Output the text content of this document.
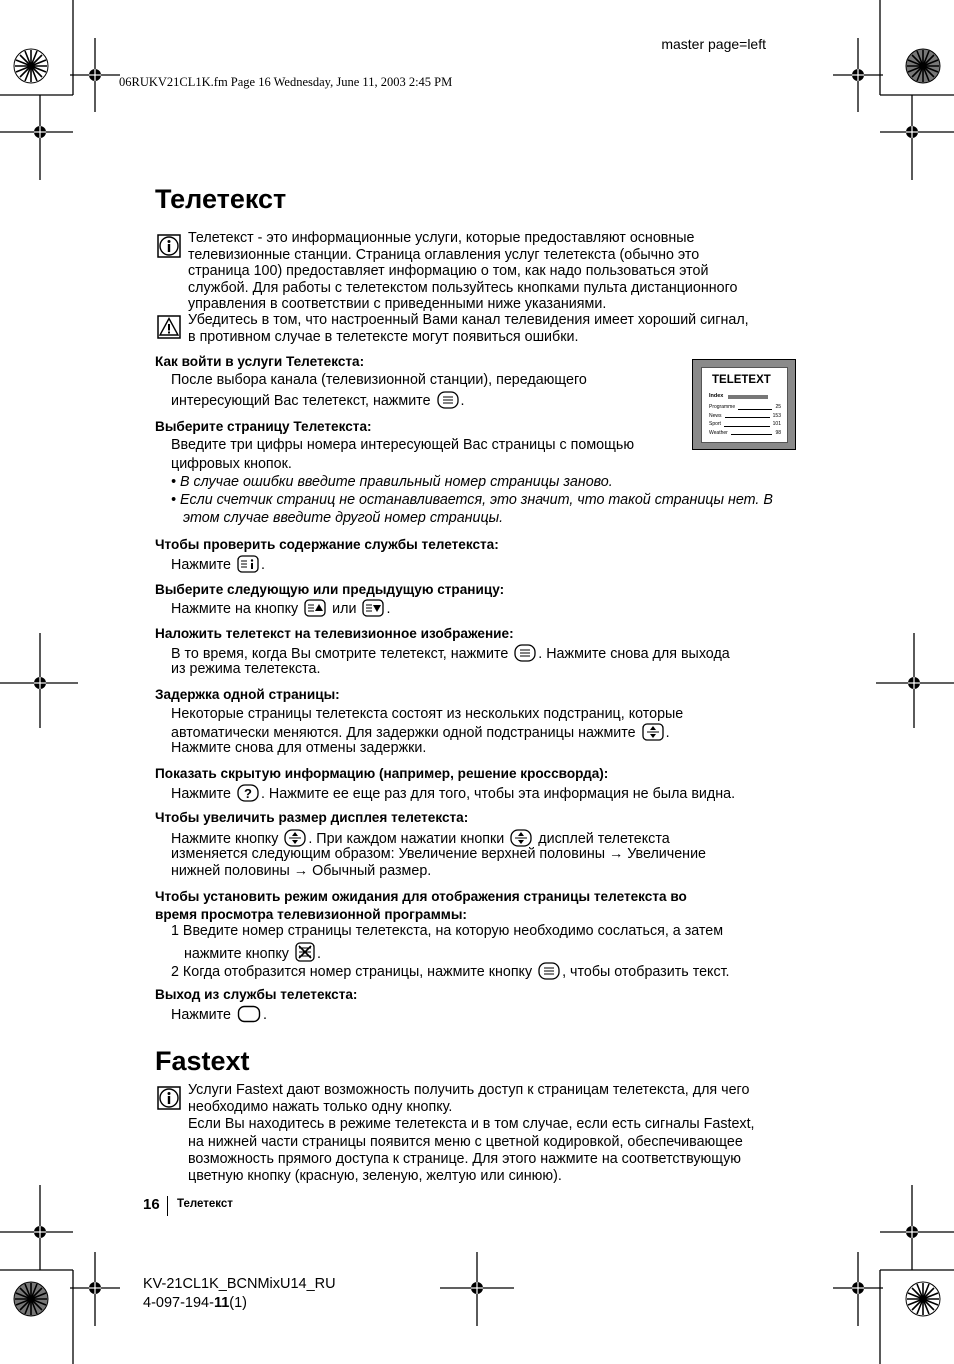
master page=left
06RUKV21CL1K.fm Page 16 Wednesday, June 11, 2003 2:45 PM
Телетекст
Телетекст - это информационные услуги, которые предоставляют основные
телевизионные станции. Страница оглавления услуг телетекста (обычно это
страница 100) предоставляет информацию о том, как надо пользоваться этой
службой. Для работы с телетекстом пользуйтесь кнопками пульта дистанционного
управления в соответствии с приведенными ниже указаниями.
Убедитесь в том, что настроенный Вами канал телевидения имеет хороший сигнал,
в противном случае в телетексте могут появиться ошибки.
TELETEXT
Index
Programme	25
News	153
Sport	101
Weather	98
Как войти в услуги Телетекста:
После выбора канала (телевизионной станции), передающего
интересующий Вас телетекст, нажмите .
Выберите страницу Телетекста:
Введите три цифры номера интересующей Вас страницы с помощью
цифровых кнопок.
• В случае ошибки введите правильный номер страницы заново.
• Если счетчик страниц не останавливается, это значит, что такой страницы нет. В
этом случае введите другой номер страницы.
Чтобы проверить содержание службы телетекста:
Нажмите .
Выберите следующую или предыдущую страницу:
Нажмите на кнопку или .
Наложить телетекст на телевизионное изображение:
В то время, когда Вы смотрите телетекст, нажмите . Нажмите снова для выхода
из режима телетекста.
Задержка одной страницы:
Некоторые страницы телетекста состоят из нескольких подстраниц, которые
автоматически меняются. Для задержки одной подстраницы нажмите .
Нажмите снова для отмены задержки.
Показать скрытую информацию (например, решение кроссворда):
Нажмите ? . Нажмите ее еще раз для того, чтобы эта информация не была видна.
Чтобы увеличить размер дисплея телетекста:
Нажмите кнопку . При каждом нажатии кнопки дисплей телетекста
изменяется следующим образом: Увеличение верхней половины → Увеличение
нижней половины → Обычный размер.
Чтобы установить режим ожидания для отображения страницы телетекста во
время просмотра телевизионной программы:
1 Введите номер страницы телетекста, на которую необходимо сослаться, а затем
нажмите кнопку .
2 Когда отобразится номер страницы, нажмите кнопку , чтобы отобразить текст.
Выход из службы телетекста:
Нажмите .
Fastext
Услуги Fastext дают возможность получить доступ к страницам телетекста, для чего
необходимо нажать только одну кнопку.
Если Вы находитесь в режиме телетекста и в том случае, если есть сигналы Fastext,
на нижней части страницы появится меню с цветной кодировкой, обеспечивающее
возможность прямого доступа к странице. Для этого нажмите на соответствующую
цветную кнопку (красную, зеленую, желтую или синюю).
16 Телетекст
KV-21CL1K_BCNMixU14_RU
4-097-194-11(1)
